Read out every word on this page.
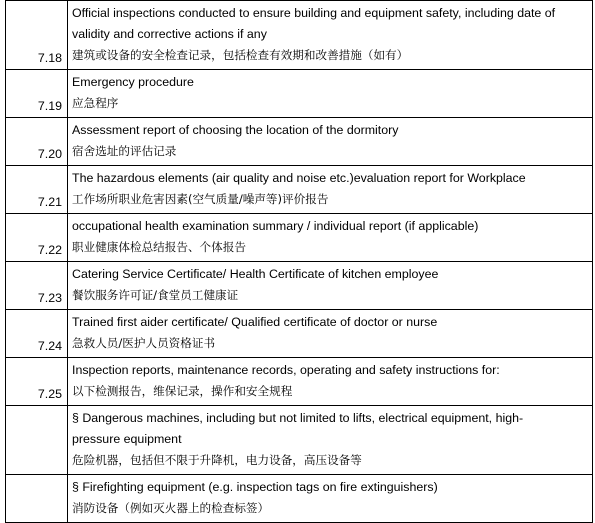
7.18	Official inspections conducted to ensure building and equipment safety, including date of validity and corrective actions if any
建筑或设备的安全检查记录，包括检查有效期和改善措施（如有）

7.19	Emergency procedure
应急程序

7.20	Assessment report of choosing the location of the dormitory
宿舍选址的评估记录

7.21	The hazardous elements (air quality and noise etc.)evaluation report for Workplace
工作场所职业危害因素(空气质量/噪声等)评价报告

7.22	occupational health examination summary / individual report (if applicable)
职业健康体检总结报告、个体报告

7.23	Catering Service Certificate/ Health Certificate of kitchen employee
餐饮服务许可证/食堂员工健康证

7.24	Trained first aider certificate/ Qualified certificate of doctor or nurse
急救人员/医护人员资格证书

7.25	Inspection reports, maintenance records, operating and safety instructions for:
以下检测报告，维保记录，操作和安全规程

	§ Dangerous machines, including but not limited to lifts, electrical equipment, high-pressure equipment
危险机器，包括但不限于升降机，电力设备，高压设备等

	§ Firefighting equipment (e.g. inspection tags on fire extinguishers)
消防设备（例如灭火器上的检查标签）
